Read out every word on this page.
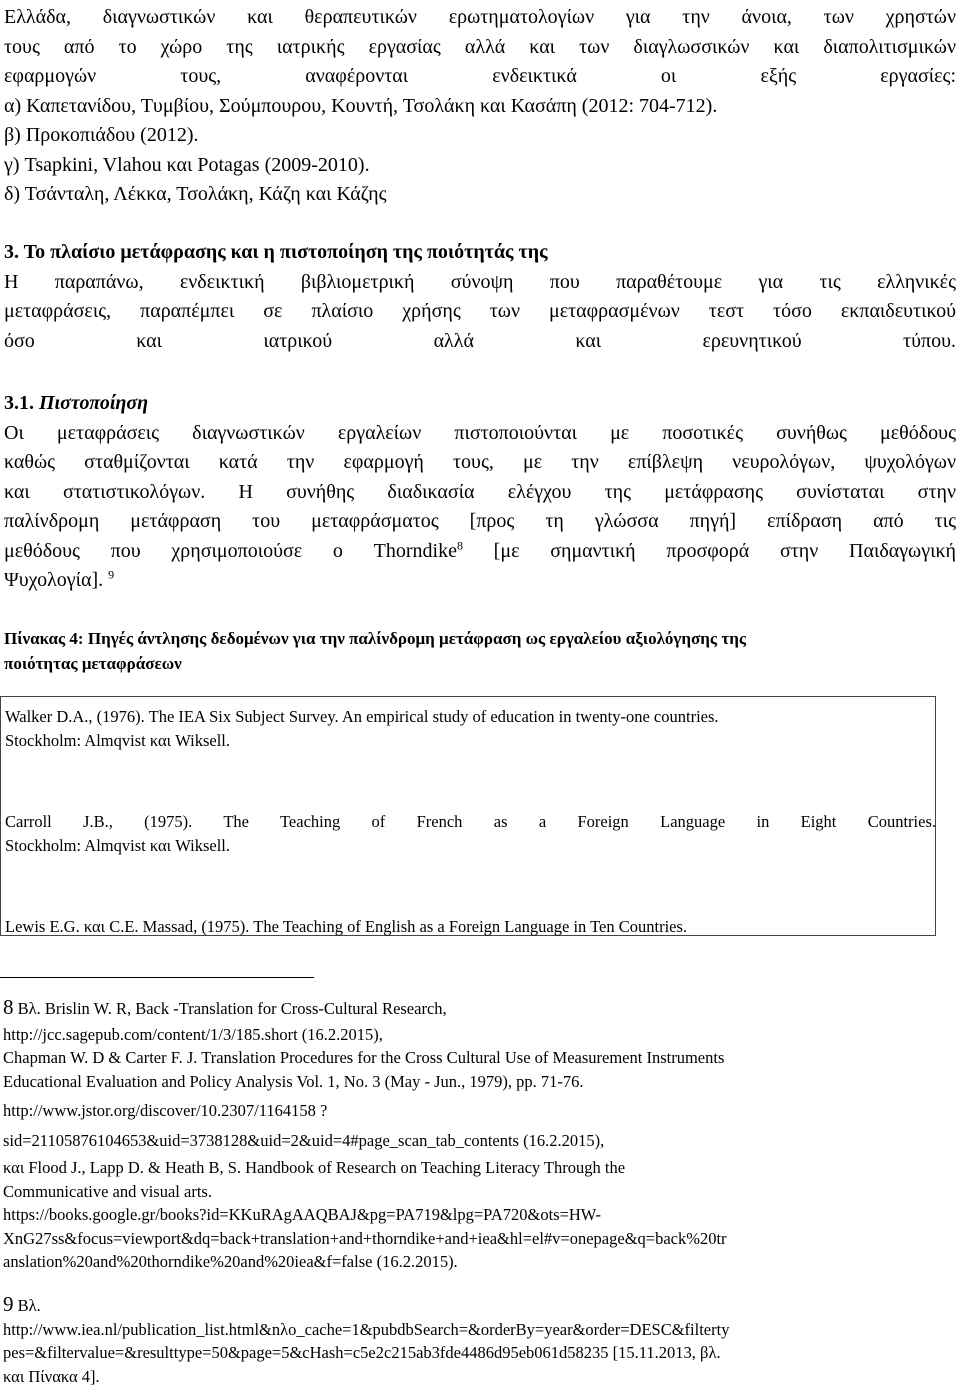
Ελλάδα, διαγνωστικών και θεραπευτικών ερωτηματολογίων για την άνοια, των χρηστών
τους από το χώρο της ιατρικής εργασίας αλλά και των διαγλωσσικών και διαπολιτισμικών
εφαρμογών τους, αναφέρονται ενδεικτικά οι εξής εργασίες:
α) Καπετανίδου, Τυμβίου, Σούμπουρου, Κουντή, Τσολάκη και Κασάπη (2012: 704-712).
β) Προκοπιάδου (2012).
γ) Tsapkini, Vlahou και Potagas (2009-2010).
δ) Τσάνταλη, Λέκκα, Τσολάκη, Κάζη και Κάζης
3. Το πλαίσιο μετάφρασης και η πιστοποίηση της ποιότητάς της
Η παραπάνω, ενδεικτική βιβλιομετρική σύνοψη που παραθέτουμε για τις ελληνικές
μεταφράσεις, παραπέμπει σε πλαίσιο χρήσης των μεταφρασμένων τεστ τόσο εκπαιδευτικού
όσο και ιατρικού αλλά και ερευνητικού τύπου.
3.1. Πιστοποίηση
Οι μεταφράσεις διαγνωστικών εργαλείων πιστοποιούνται με ποσοτικές συνήθως μεθόδους
καθώς σταθμίζονται κατά την εφαρμογή τους, με την επίβλεψη νευρολόγων, ψυχολόγων
και στατιστικολόγων. Η συνήθης διαδικασία ελέγχου της μετάφρασης συνίσταται στην
παλίνδρομη μετάφραση του μεταφράσματος [προς τη γλώσσα πηγή] επίδραση από τις
μεθόδους που χρησιμοποιούσε ο Thorndike$^8$ [με σημαντική προσφορά στην Παιδαγωγική
Ψυχολογία]. $^9$
Πίνακας 4: Πηγές άντλησης δεδομένων για την παλίνδρομη μετάφραση ως εργαλείου αξιολόγησης της
ποιότητας μεταφράσεων
Walker D.A., (1976). The IEA Six Subject Survey. An empirical study of education in twenty-one countries.
Stockholm: Almqvist και Wiksell.
Carroll J.B., (1975). The Teaching of French as a Foreign Language in Eight Countries.
Stockholm: Almqvist και Wiksell.
Lewis E.G. και C.E. Massad, (1975). The Teaching of English as a Foreign Language in Ten Countries.
8 Βλ. Brislin W. R, Back -Translation for Cross-Cultural Research,
http://jcc.sagepub.com/content/1/3/185.short (16.2.2015),
Chapman W. D & Carter F. J. Translation Procedures for the Cross Cultural Use of Measurement Instruments
Educational Evaluation and Policy Analysis Vol. 1, No. 3 (May - Jun., 1979), pp. 71-76.
http://www.jstor.org/discover/10.2307/1164158 ?
sid=21105876104653&uid=3738128&uid=2&uid=4#page_scan_tab_contents (16.2.2015),
και Flood J., Lapp D. & Heath B, S. Handbook of Research on Teaching Literacy Through the
Communicative and visual arts.
https://books.google.gr/books?id=KKuRAgAAQBAJ&pg=PA719&lpg=PA720&ots=HW-
XnG27ss&focus=viewport&dq=back+translation+and+thorndike+and+iea&hl=el#v=onepage&q=back%20tr
anslation%20and%20thorndike%20and%20iea&f=false (16.2.2015).
9 Βλ.
http://www.iea.nl/publication_list.html&nλo_cache=1&pubdbSearch=&orderBy=year&order=DESC&filterty
pes=&filtervalue=&resulttype=50&page=5&cHash=c5e2c215ab3fde4486d95eb061d58235 [15.11.2013, βλ.
και Πίνακα 4].
